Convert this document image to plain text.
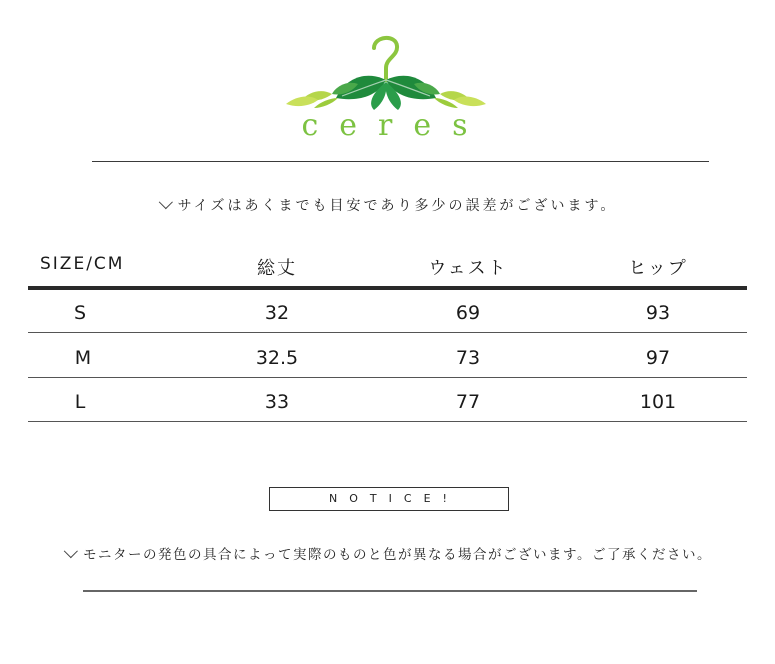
ceres
サイズはあくまでも目安であり多少の誤差がございます。
SIZE/CM	総丈	ウェスト	ヒップ
S	32	69	93
M	32.5	73	97
L	33	77	101
NOTICE!
モニターの発色の具合によって実際のものと色が異なる場合がございます。ご了承ください。
